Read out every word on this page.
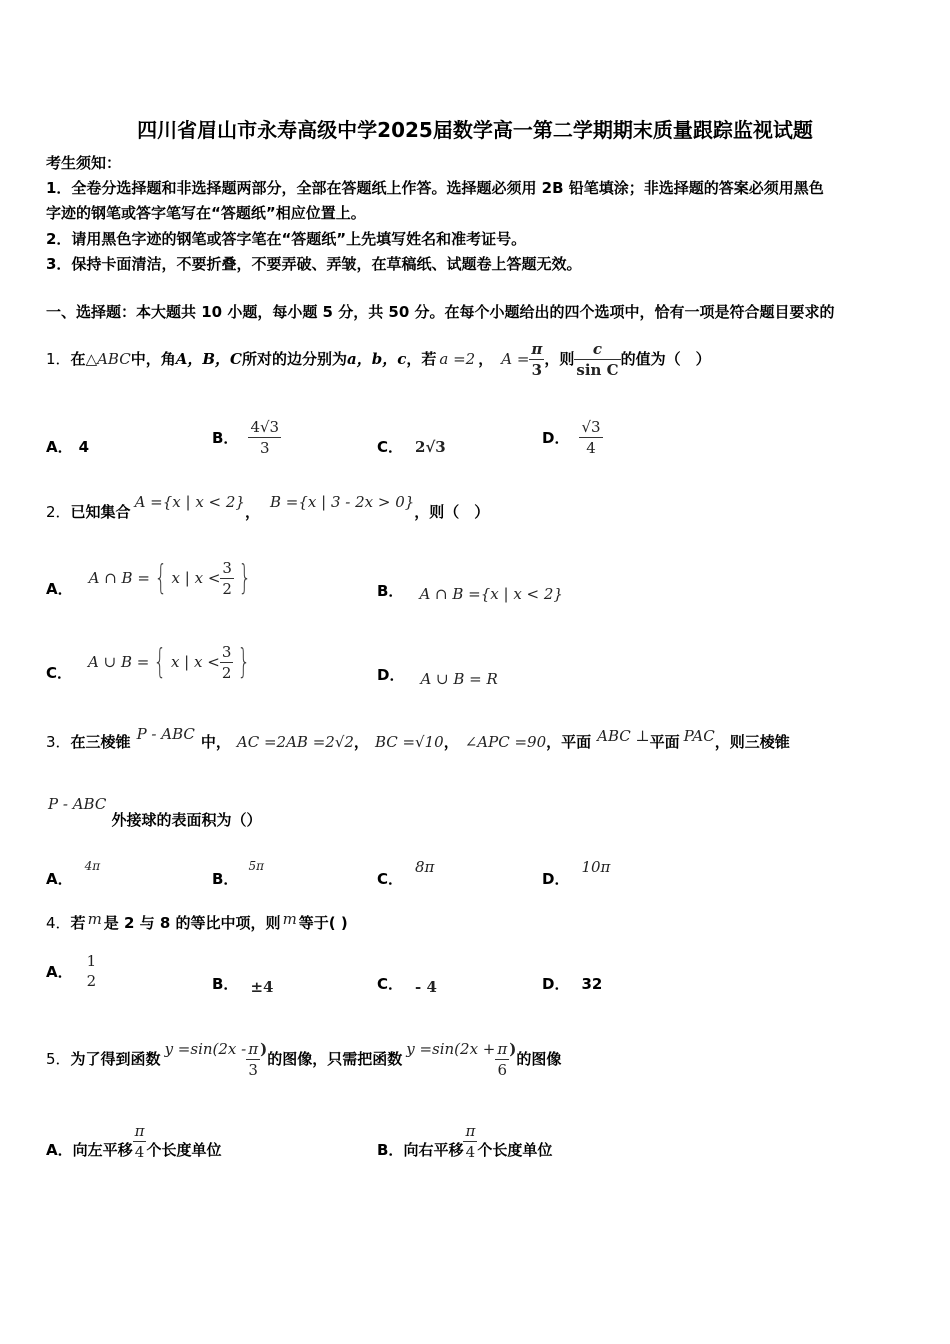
四川省眉山市永寿高级中学2025届数学高一第二学期期末质量跟踪监视试题
考生须知：
1．全卷分选择题和非选择题两部分，全部在答题纸上作答。选择题必须用 2B 铅笔填涂；非选择题的答案必须用黑色
字迹的钢笔或答字笔写在“答题纸”相应位置上。
2．请用黑色字迹的钢笔或答字笔在“答题纸”上先填写姓名和准考证号。
3．保持卡面清洁，不要折叠，不要弄破、弄皱，在草稿纸、试题卷上答题无效。
一、选择题：本大题共 10 小题，每小题 5 分，共 50 分。在每个小题给出的四个选项中，恰有一项是符合题目要求的
1． 在 △ABC 中，角 A，B，C 所对的边分别为 a，b，c ，若 a =2 ， $A = \frac{\pi}{3}$ ，则 $\frac{c}{\text{sin C}}$ 的值为（　）
A． 4
B． $\frac{4√3}{3}$	C． 2√3
D． $\frac{√3}{4}$
2． 已知集合
A ={x | x < 2}
，
B ={x | 3 - 2x > 0}
，则（　）
A．
A ∩ B = { x | $x < \frac{3}{2}$ }	B． A ∩ B ={x | x < 2}
C．
A ∪ B = { x | $x < \frac{3}{2}$ }	D． A ∪ B = R
3． 在三棱锥 P - ABC 中， AC =2AB =2√2 ， BC =√10 ， ∠APC =90 ，平面 ABC ⊥ 平面 PAC ，则三棱锥
P - ABC 外接球的表面积为（）
A．$^{4\pi}$
B．$^{5\pi}$
C．8π
D．10π
4．若 m 是 2 与 8 的等比中项，则 m 等于( )
A．
1
2	B． ±4	C． - 4	D． 32
5． 为了得到函数
$y =\sin(2x - \frac{\pi}{3}$ )
的图像，只需把函数
$y =\sin(2x + \frac{\pi}{6}$ )
的图像
A． 向左平移 $\frac{\pi}{4}$ 个长度单位	B． 向右平移 $\frac{\pi}{4}$ 个长度单位
